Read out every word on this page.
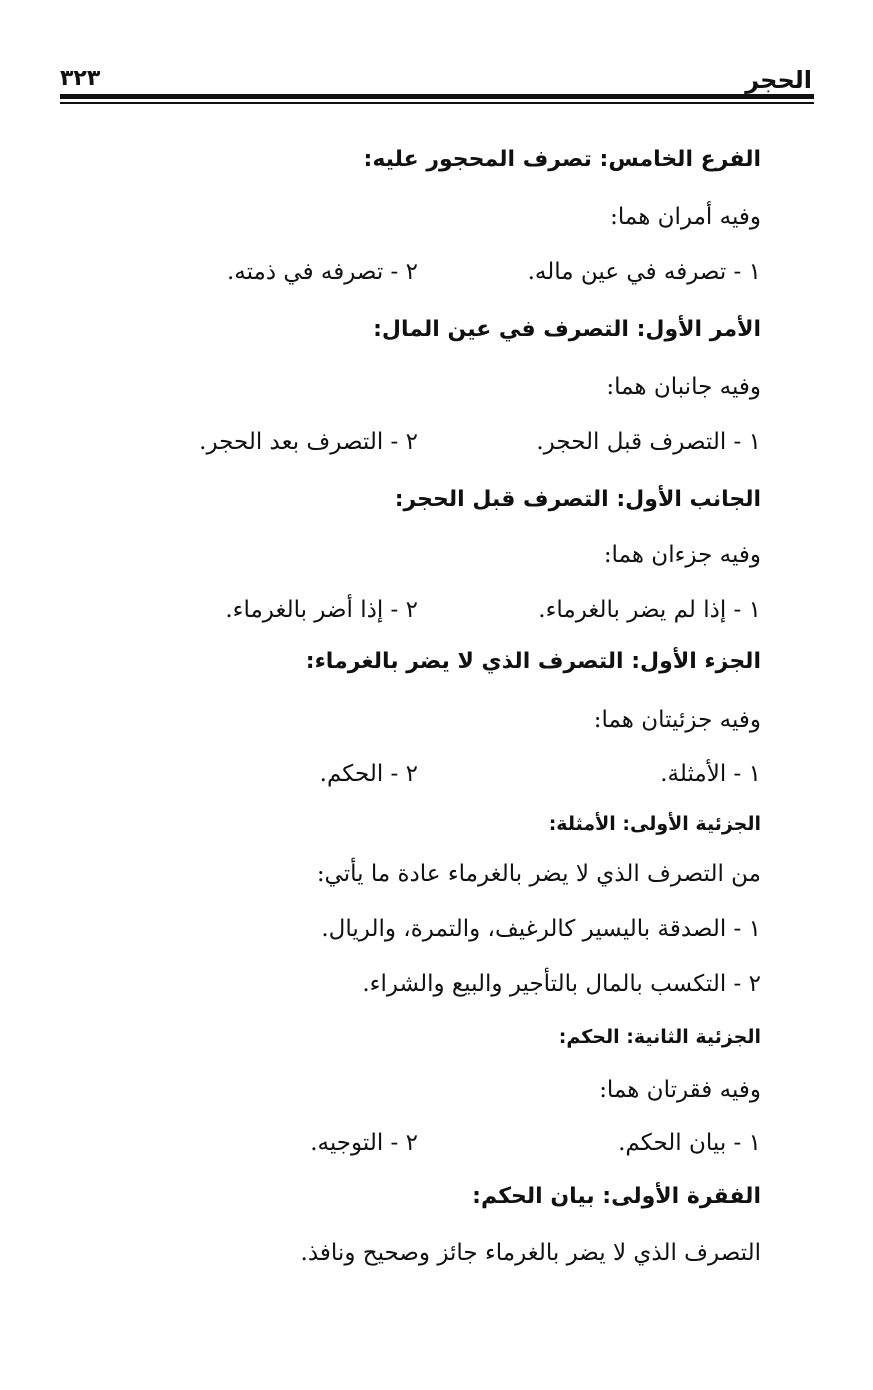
الحجر
٣٢٣
الفرع الخامس: تصرف المحجور عليه:
وفيه أمران هما:
١ - تصرفه في عين ماله.
٢ - تصرفه في ذمته.
الأمر الأول: التصرف في عين المال:
وفيه جانبان هما:
١ - التصرف قبل الحجر.
٢ - التصرف بعد الحجر.
الجانب الأول: التصرف قبل الحجر:
وفيه جزءان هما:
١ - إذا لم يضر بالغرماء.
٢ - إذا أضر بالغرماء.
الجزء الأول: التصرف الذي لا يضر بالغرماء:
وفيه جزئيتان هما:
١ - الأمثلة.
٢ - الحكم.
الجزئية الأولى: الأمثلة:
من التصرف الذي لا يضر بالغرماء عادة ما يأتي:
١ - الصدقة باليسير كالرغيف، والتمرة، والريال.
٢ - التكسب بالمال بالتأجير والبيع والشراء.
الجزئية الثانية: الحكم:
وفيه فقرتان هما:
١ - بيان الحكم.
٢ - التوجيه.
الفقرة الأولى: بيان الحكم:
التصرف الذي لا يضر بالغرماء جائز وصحيح ونافذ.
